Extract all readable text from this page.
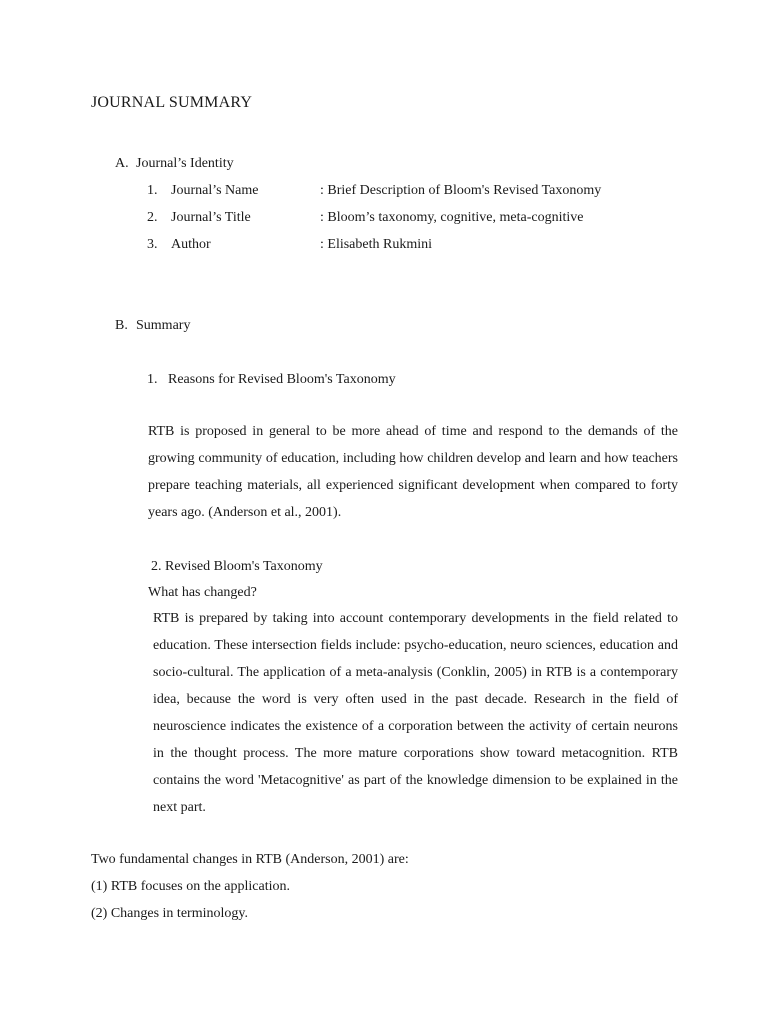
JOURNAL SUMMARY
A. Journal’s Identity
1. Journal’s Name	: Brief Description of Bloom's Revised Taxonomy
2. Journal’s Title	: Bloom’s taxonomy, cognitive, meta-cognitive
3. Author	: Elisabeth Rukmini
B. Summary
1.   Reasons for Revised Bloom's Taxonomy

RTB is proposed in general to be more ahead of time and respond to the demands of the growing community of education, including how children develop and learn and how teachers prepare teaching materials, all experienced significant development when compared to forty years ago. (Anderson et al., 2001).

2. Revised Bloom's Taxonomy
What has changed?

RTB is prepared by taking into account contemporary developments in the field related to education. These intersection fields include: psycho-education, neuro sciences, education and socio-cultural. The application of a meta-analysis (Conklin, 2005) in RTB is a contemporary idea, because the word is very often used in the past decade. Research in the field of neuroscience indicates the existence of a corporation between the activity of certain neurons in the thought process. The more mature corporations show toward metacognition. RTB contains the word 'Metacognitive' as part of the knowledge dimension to be explained in the next part.

Two fundamental changes in RTB (Anderson, 2001) are:
(1) RTB focuses on the application.
(2) Changes in terminology.
